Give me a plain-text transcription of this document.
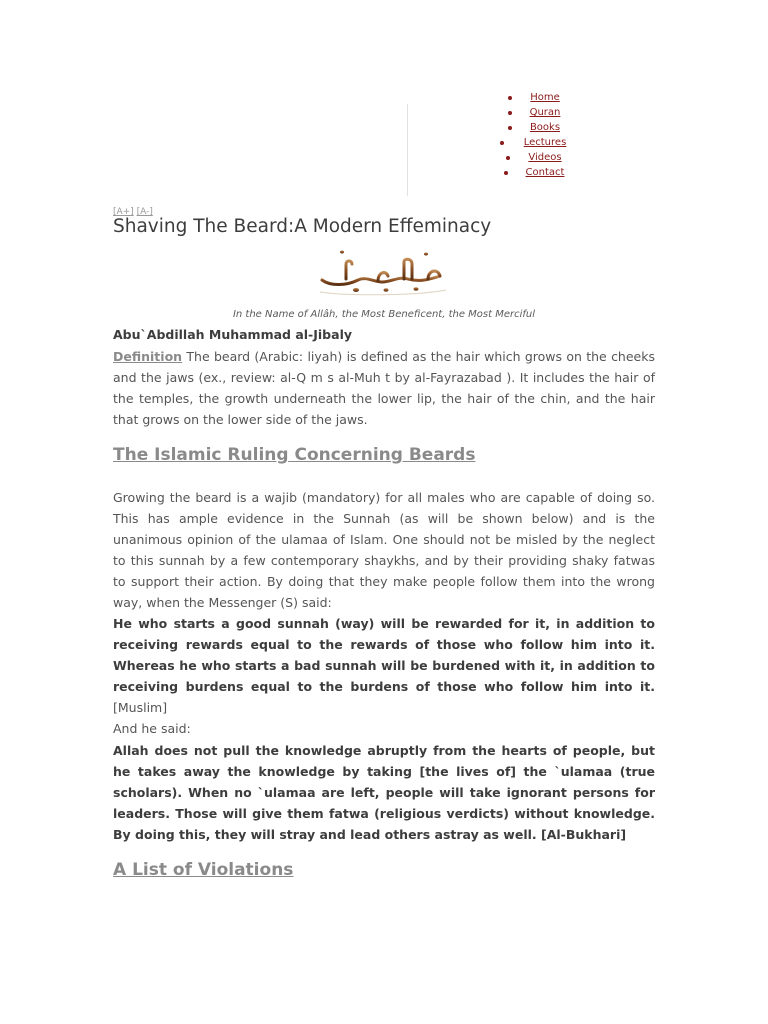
Home
Quran
Books
Lectures
Videos
Contact
[A+] [A-]
Shaving The Beard:A Modern Effeminacy
In the Name of Allâh, the Most Beneficent, the Most Merciful
Abu`Abdillah Muhammad al-Jibaly
Definition The beard (Arabic: liyah) is defined as the hair which grows on the cheeks and the jaws (ex., review: al-Q m s al-Muh t by al-Fayrazabad ). It includes the hair of the temples, the growth underneath the lower lip, the hair of the chin, and the hair that grows on the lower side of the jaws.
The Islamic Ruling Concerning Beards
Growing the beard is a wajib (mandatory) for all males who are capable of doing so. This has ample evidence in the Sunnah (as will be shown below) and is the unanimous opinion of the ulamaa of Islam. One should not be misled by the neglect to this sunnah by a few contemporary shaykhs, and by their providing shaky fatwas to support their action. By doing that they make people follow them into the wrong way, when the Messenger (S) said:
He who starts a good sunnah (way) will be rewarded for it, in addition to receiving rewards equal to the rewards of those who follow him into it. Whereas he who starts a bad sunnah will be burdened with it, in addition to receiving burdens equal to the burdens of those who follow him into it. [Muslim]
And he said:
Allah does not pull the knowledge abruptly from the hearts of people, but he takes away the knowledge by taking [the lives of] the `ulamaa (true scholars). When no `ulamaa are left, people will take ignorant persons for leaders. Those will give them fatwa (religious verdicts) without knowledge. By doing this, they will stray and lead others astray as well. [Al-Bukhari]
A List of Violations
